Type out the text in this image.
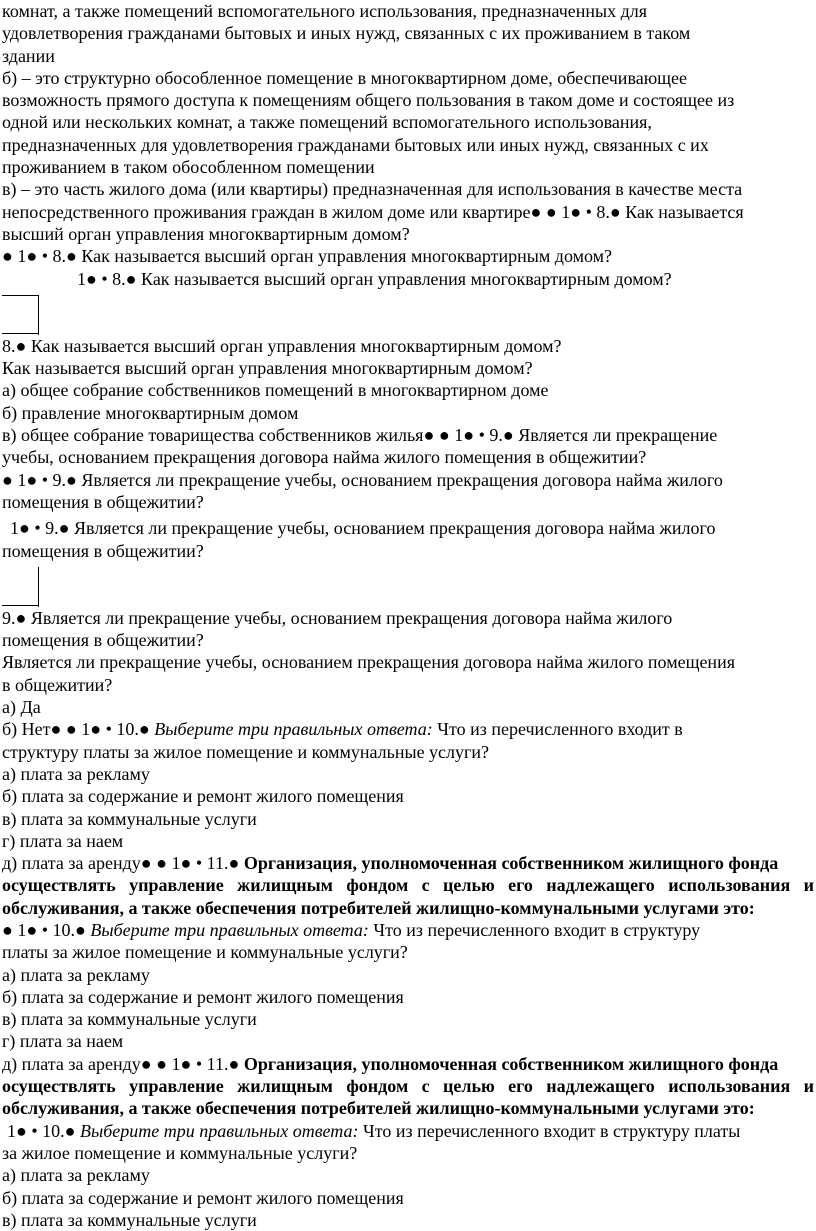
комнат, а также помещений вспомогательного использования, предназначенных для
удовлетворения гражданами бытовых и иных нужд, связанных с их проживанием в таком
здании
б) – это структурно обособленное помещение в многоквартирном доме, обеспечивающее
возможность прямого доступа к помещениям общего пользования в таком доме и состоящее из
одной или нескольких комнат, а также помещений вспомогательного использования,
предназначенных для удовлетворения гражданами бытовых или иных нужд, связанных с их
проживанием в таком обособленном помещении
в) – это часть жилого дома (или квартиры) предназначенная для использования в качестве места
непосредственного проживания граждан в жилом доме или квартире● ● 1● • 8.● Как называется
высший орган управления многоквартирным домом?
● 1● • 8.● Как называется высший орган управления многоквартирным домом?
1● • 8.● Как называется высший орган управления многоквартирным домом?
8.● Как называется высший орган управления многоквартирным домом?
Как называется высший орган управления многоквартирным домом?
а) общее собрание собственников помещений в многоквартирном доме
б) правление многоквартирным домом
в) общее собрание товарищества собственников жилья● ● 1● • 9.● Является ли прекращение
учебы, основанием прекращения договора найма жилого помещения в общежитии?
● 1● • 9.● Является ли прекращение учебы, основанием прекращения договора найма жилого
помещения в общежитии?
1● • 9.● Является ли прекращение учебы, основанием прекращения договора найма жилого
помещения в общежитии?
9.● Является ли прекращение учебы, основанием прекращения договора найма жилого
помещения в общежитии?
Является ли прекращение учебы, основанием прекращения договора найма жилого помещения
в общежитии?
а) Да
б) Нет● ● 1● • 10.● Выберите три правильных ответа: Что из перечисленного входит в
структуру платы за жилое помещение и коммунальные услуги?
а) плата за рекламу
б) плата за содержание и ремонт жилого помещения
в) плата за коммунальные услуги
г) плата за наем
д) плата за аренду● ● 1● • 11.● Организация, уполномоченная собственником жилищного фонда
осуществлять управление жилищным фондом с целью его надлежащего использования и
обслуживания, а также обеспечения потребителей жилищно-коммунальными услугами это:
● 1● • 10.● Выберите три правильных ответа: Что из перечисленного входит в структуру
платы за жилое помещение и коммунальные услуги?
а) плата за рекламу
б) плата за содержание и ремонт жилого помещения
в) плата за коммунальные услуги
г) плата за наем
д) плата за аренду● ● 1● • 11.● Организация, уполномоченная собственником жилищного фонда
осуществлять управление жилищным фондом с целью его надлежащего использования и
обслуживания, а также обеспечения потребителей жилищно-коммунальными услугами это:
1● • 10.● Выберите три правильных ответа: Что из перечисленного входит в структуру платы
за жилое помещение и коммунальные услуги?
а) плата за рекламу
б) плата за содержание и ремонт жилого помещения
в) плата за коммунальные услуги
